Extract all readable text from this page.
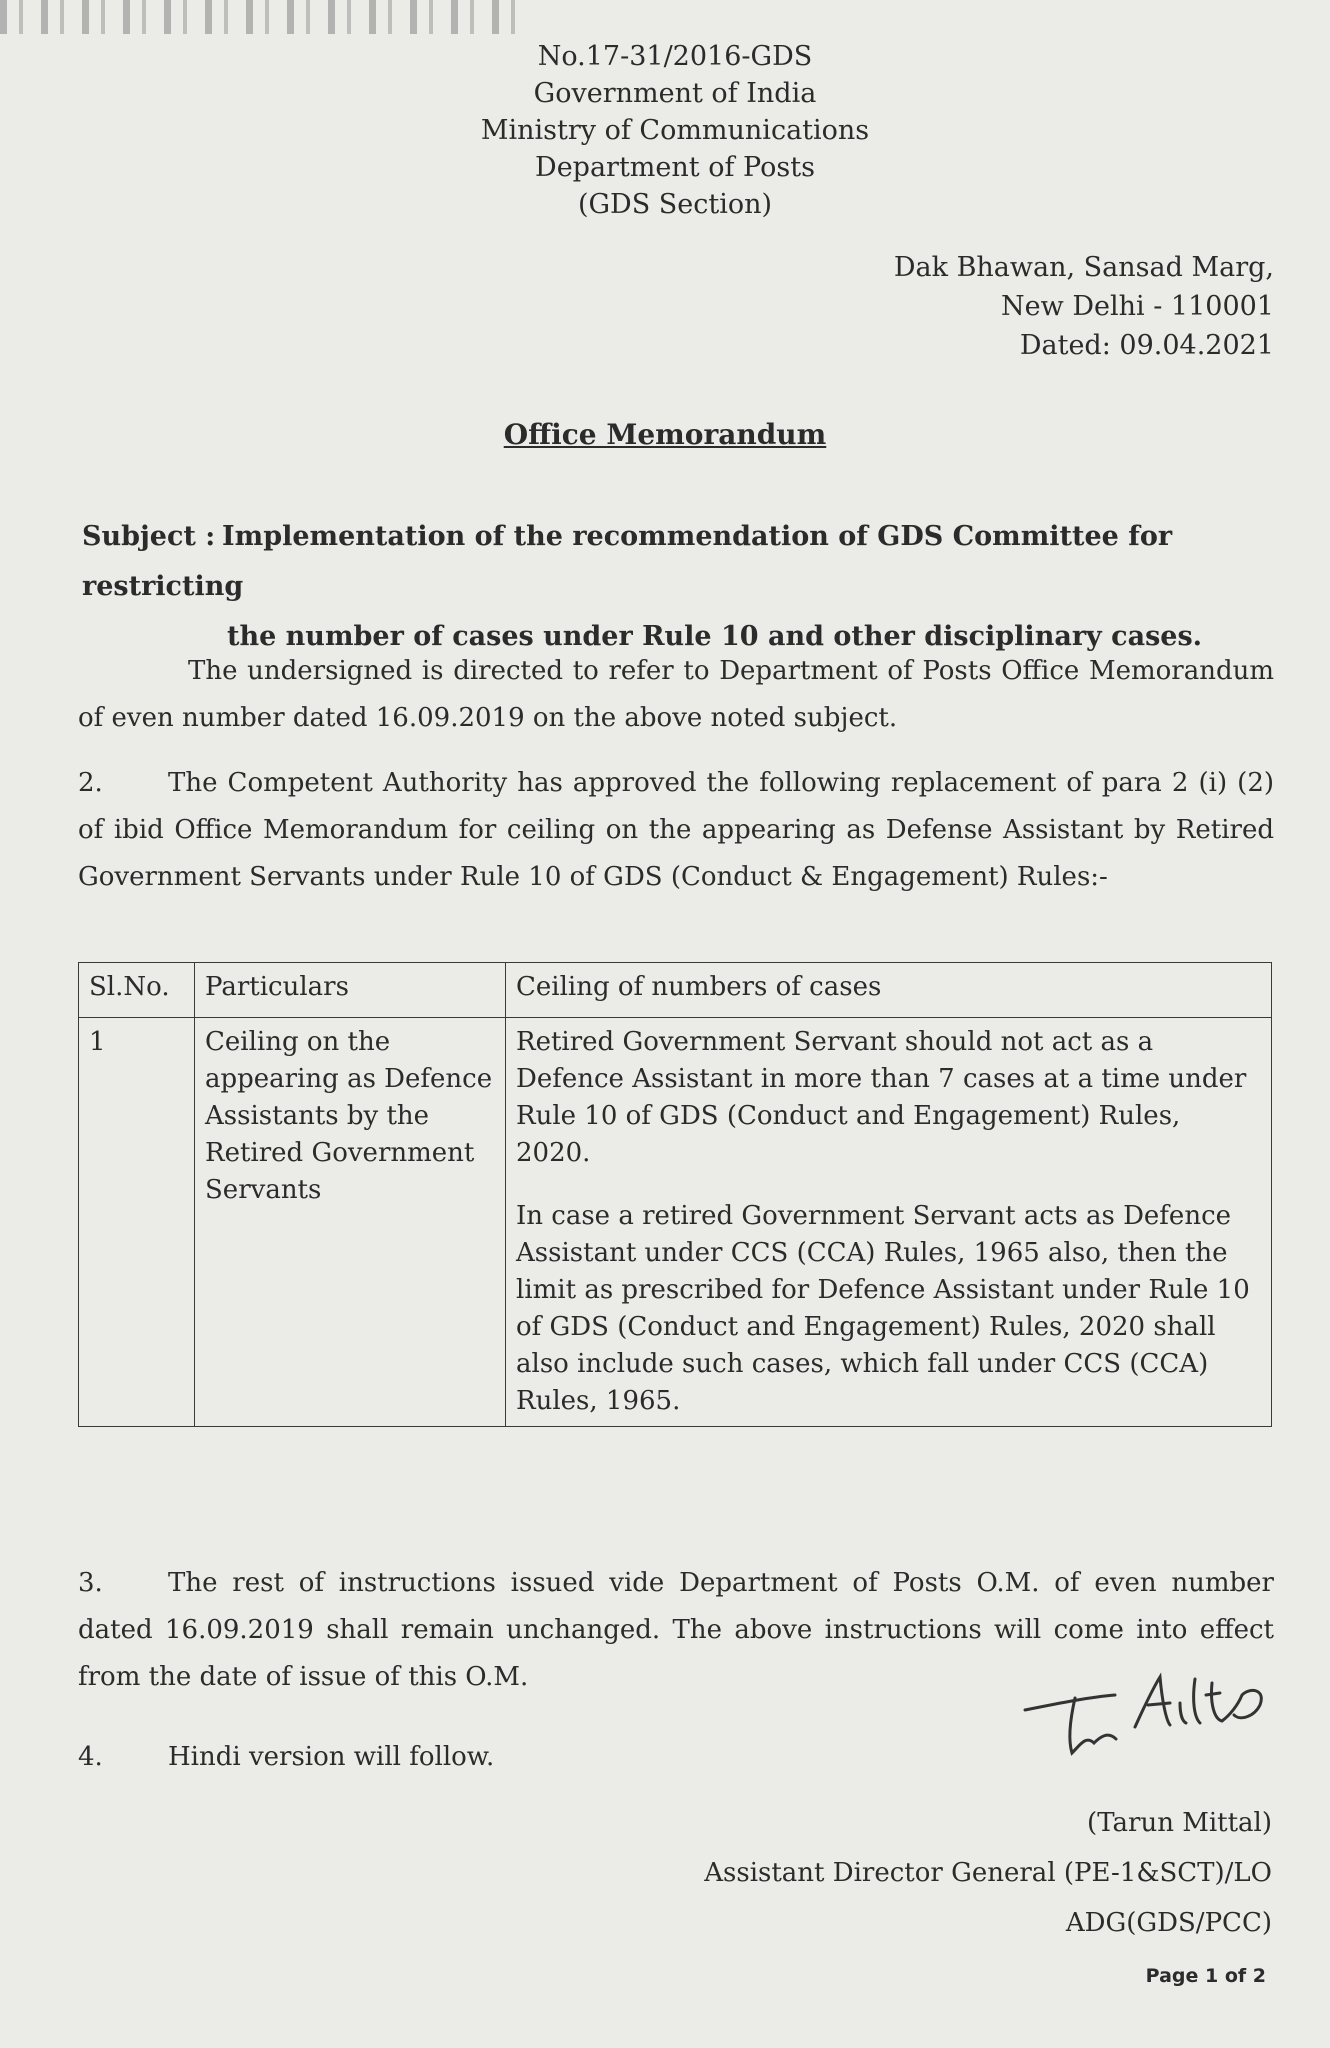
No.17-31/2016-GDS
Government of India
Ministry of Communications
Department of Posts
(GDS Section)
Dak Bhawan, Sansad Marg,
New Delhi - 110001
Dated: 09.04.2021
Office Memorandum
Subject : Implementation of the recommendation of GDS Committee for restricting
the number of cases under Rule 10 and other disciplinary cases.
The undersigned is directed to refer to Department of Posts Office Memorandum of even number dated 16.09.2019 on the above noted subject.
2.	The Competent Authority has approved the following replacement of para 2 (i) (2) of ibid Office Memorandum for ceiling on the appearing as Defense Assistant by Retired Government Servants under Rule 10 of GDS (Conduct & Engagement) Rules:-
Sl.No.	Particulars	Ceiling of numbers of cases
1	Ceiling on the appearing as Defence Assistants by the Retired Government Servants	Retired Government Servant should not act as a Defence Assistant in more than 7 cases at a time under Rule 10 of GDS (Conduct and Engagement) Rules, 2020.
In case a retired Government Servant acts as Defence Assistant under CCS (CCA) Rules, 1965 also, then the limit as prescribed for Defence Assistant under Rule 10 of GDS (Conduct and Engagement) Rules, 2020 shall also include such cases, which fall under CCS (CCA) Rules, 1965.
3.	The rest of instructions issued vide Department of Posts O.M. of even number dated 16.09.2019 shall remain unchanged. The above instructions will come into effect from the date of issue of this O.M.
4.	Hindi version will follow.
(Tarun Mittal)
Assistant Director General (PE-1&SCT)/LO
ADG(GDS/PCC)
Page 1 of 2
